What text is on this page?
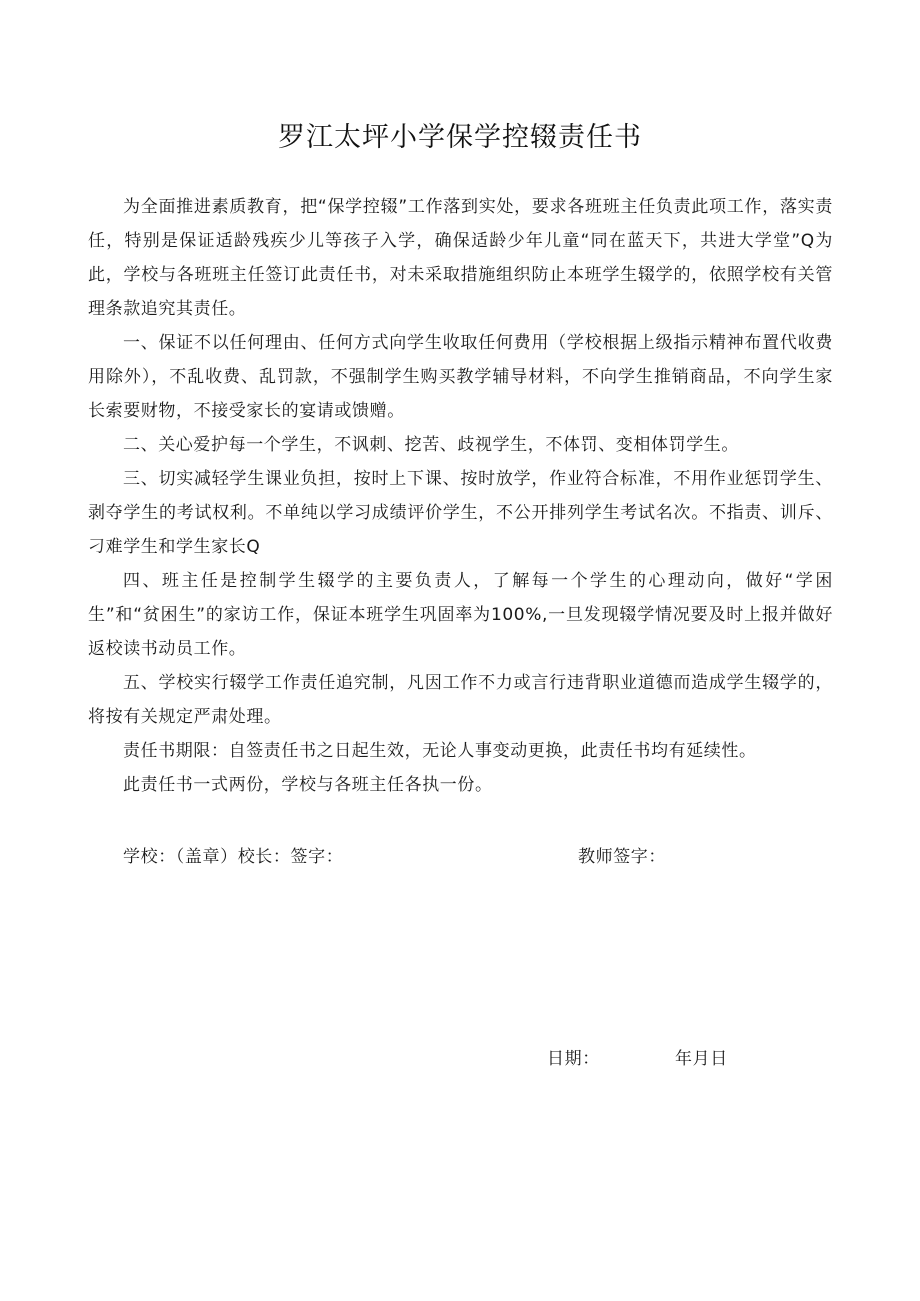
罗江太坪小学保学控辍责任书

为全面推进素质教育，把“保学控辍”工作落到实处，要求各班班主任负责此项工作，落实责任，特别是保证适龄残疾少儿等孩子入学，确保适龄少年儿童“同在蓝天下，共进大学堂”Q为此，学校与各班班主任签订此责任书，对未采取措施组织防止本班学生辍学的，依照学校有关管理条款追究其责任。

一、保证不以任何理由、任何方式向学生收取任何费用（学校根据上级指示精神布置代收费用除外），不乱收费、乱罚款，不强制学生购买教学辅导材料，不向学生推销商品，不向学生家长索要财物，不接受家长的宴请或馈赠。

二、关心爱护每一个学生，不讽刺、挖苦、歧视学生，不体罚、变相体罚学生。

三、切实减轻学生课业负担，按时上下课、按时放学，作业符合标准，不用作业惩罚学生、剥夺学生的考试权利。不单纯以学习成绩评价学生，不公开排列学生考试名次。不指责、训斥、刁难学生和学生家长Q

四、班主任是控制学生辍学的主要负责人，了解每一个学生的心理动向，做好“学困生”和“贫困生”的家访工作，保证本班学生巩固率为100%,一旦发现辍学情况要及时上报并做好返校读书动员工作。

五、学校实行辍学工作责任追究制，凡因工作不力或言行违背职业道德而造成学生辍学的，将按有关规定严肃处理。

责任书期限：自签责任书之日起生效，无论人事变动更换，此责任书均有延续性。

此责任书一式两份，学校与各班主任各执一份。

学校：（盖章）校长：签字：	教师签字：
日期：	年月日
